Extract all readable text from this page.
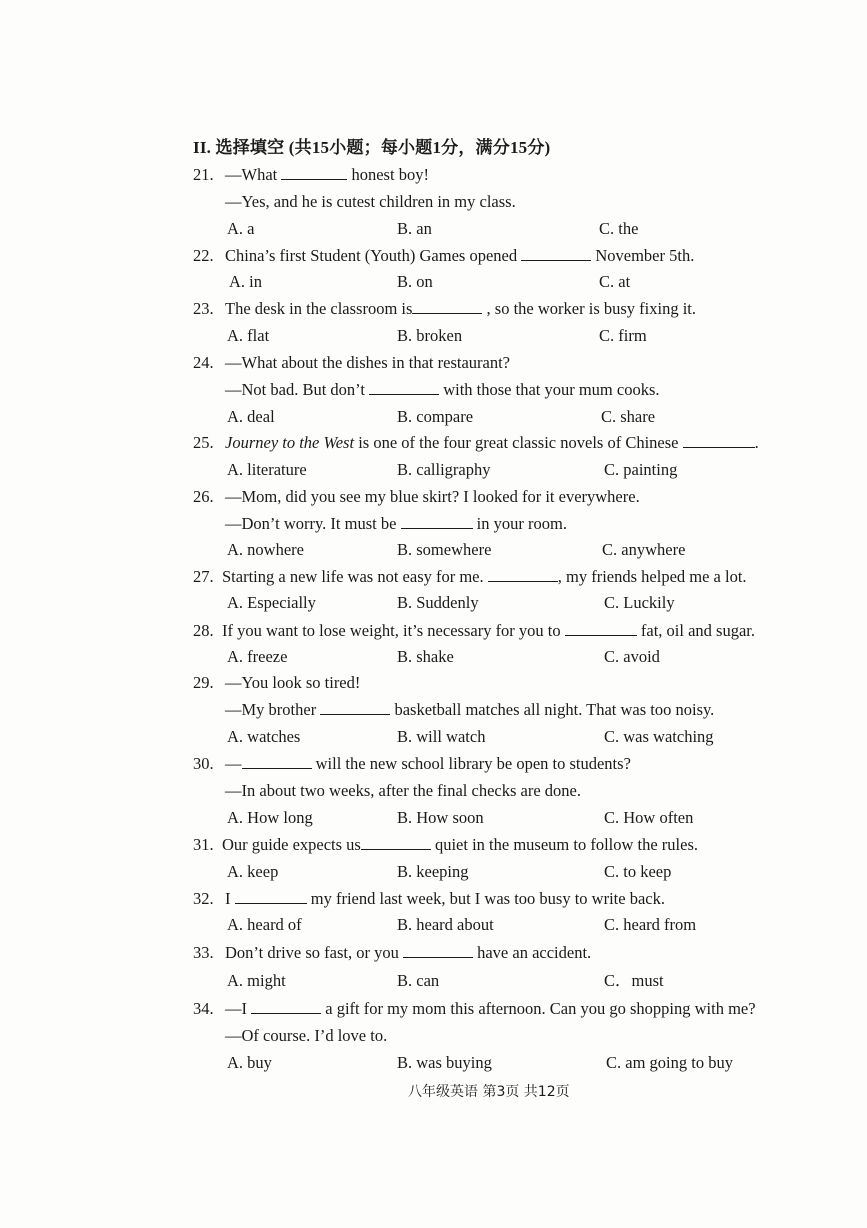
II. 选择填空 (共15小题；每小题1分，满分15分)
21. —What	honest boy!
—Yes, and he is cutest children in my class.
A. a	B. an	C. the
22. China’s first Student (Youth) Games opened	November 5th.
A. in	B. on	C. at
23. The desk in the classroom is	, so the worker is busy fixing it.
A. flat	B. broken	C. firm
24. —What about the dishes in that restaurant?
—Not bad. But don’t	with those that your mum cooks.
A. deal	B. compare	C. share
25. Journey to the West is one of the four great classic novels of Chinese	.
A. literature	B. calligraphy	C. painting
26. —Mom, did you see my blue skirt? I looked for it everywhere.
—Don’t worry. It must be	in your room.
A. nowhere	B. somewhere	C. anywhere
27. Starting a new life was not easy for me.	, my friends helped me a lot.
A. Especially	B. Suddenly	C. Luckily
28. If you want to lose weight, it’s necessary for you to	fat, oil and sugar.
A. freeze	B. shake	C. avoid
29. —You look so tired!
—My brother	basketball matches all night. That was too noisy.
A. watches	B. will watch	C. was watching
30. —	will the new school library be open to students?
—In about two weeks, after the final checks are done.
A. How long	B. How soon	C. How often
31. Our guide expects us	quiet in the museum to follow the rules.
A. keep	B. keeping	C. to keep
32. I	my friend last week, but I was too busy to write back.
A. heard of	B. heard about	C. heard from
33. Don’t drive so fast, or you	have an accident.
A. might	B. can	C．must
34. —I	a gift for my mom this afternoon. Can you go shopping with me?
—Of course. I’d love to.
A. buy	B. was buying	C. am going to buy
八年级英语 第3页 共12页
